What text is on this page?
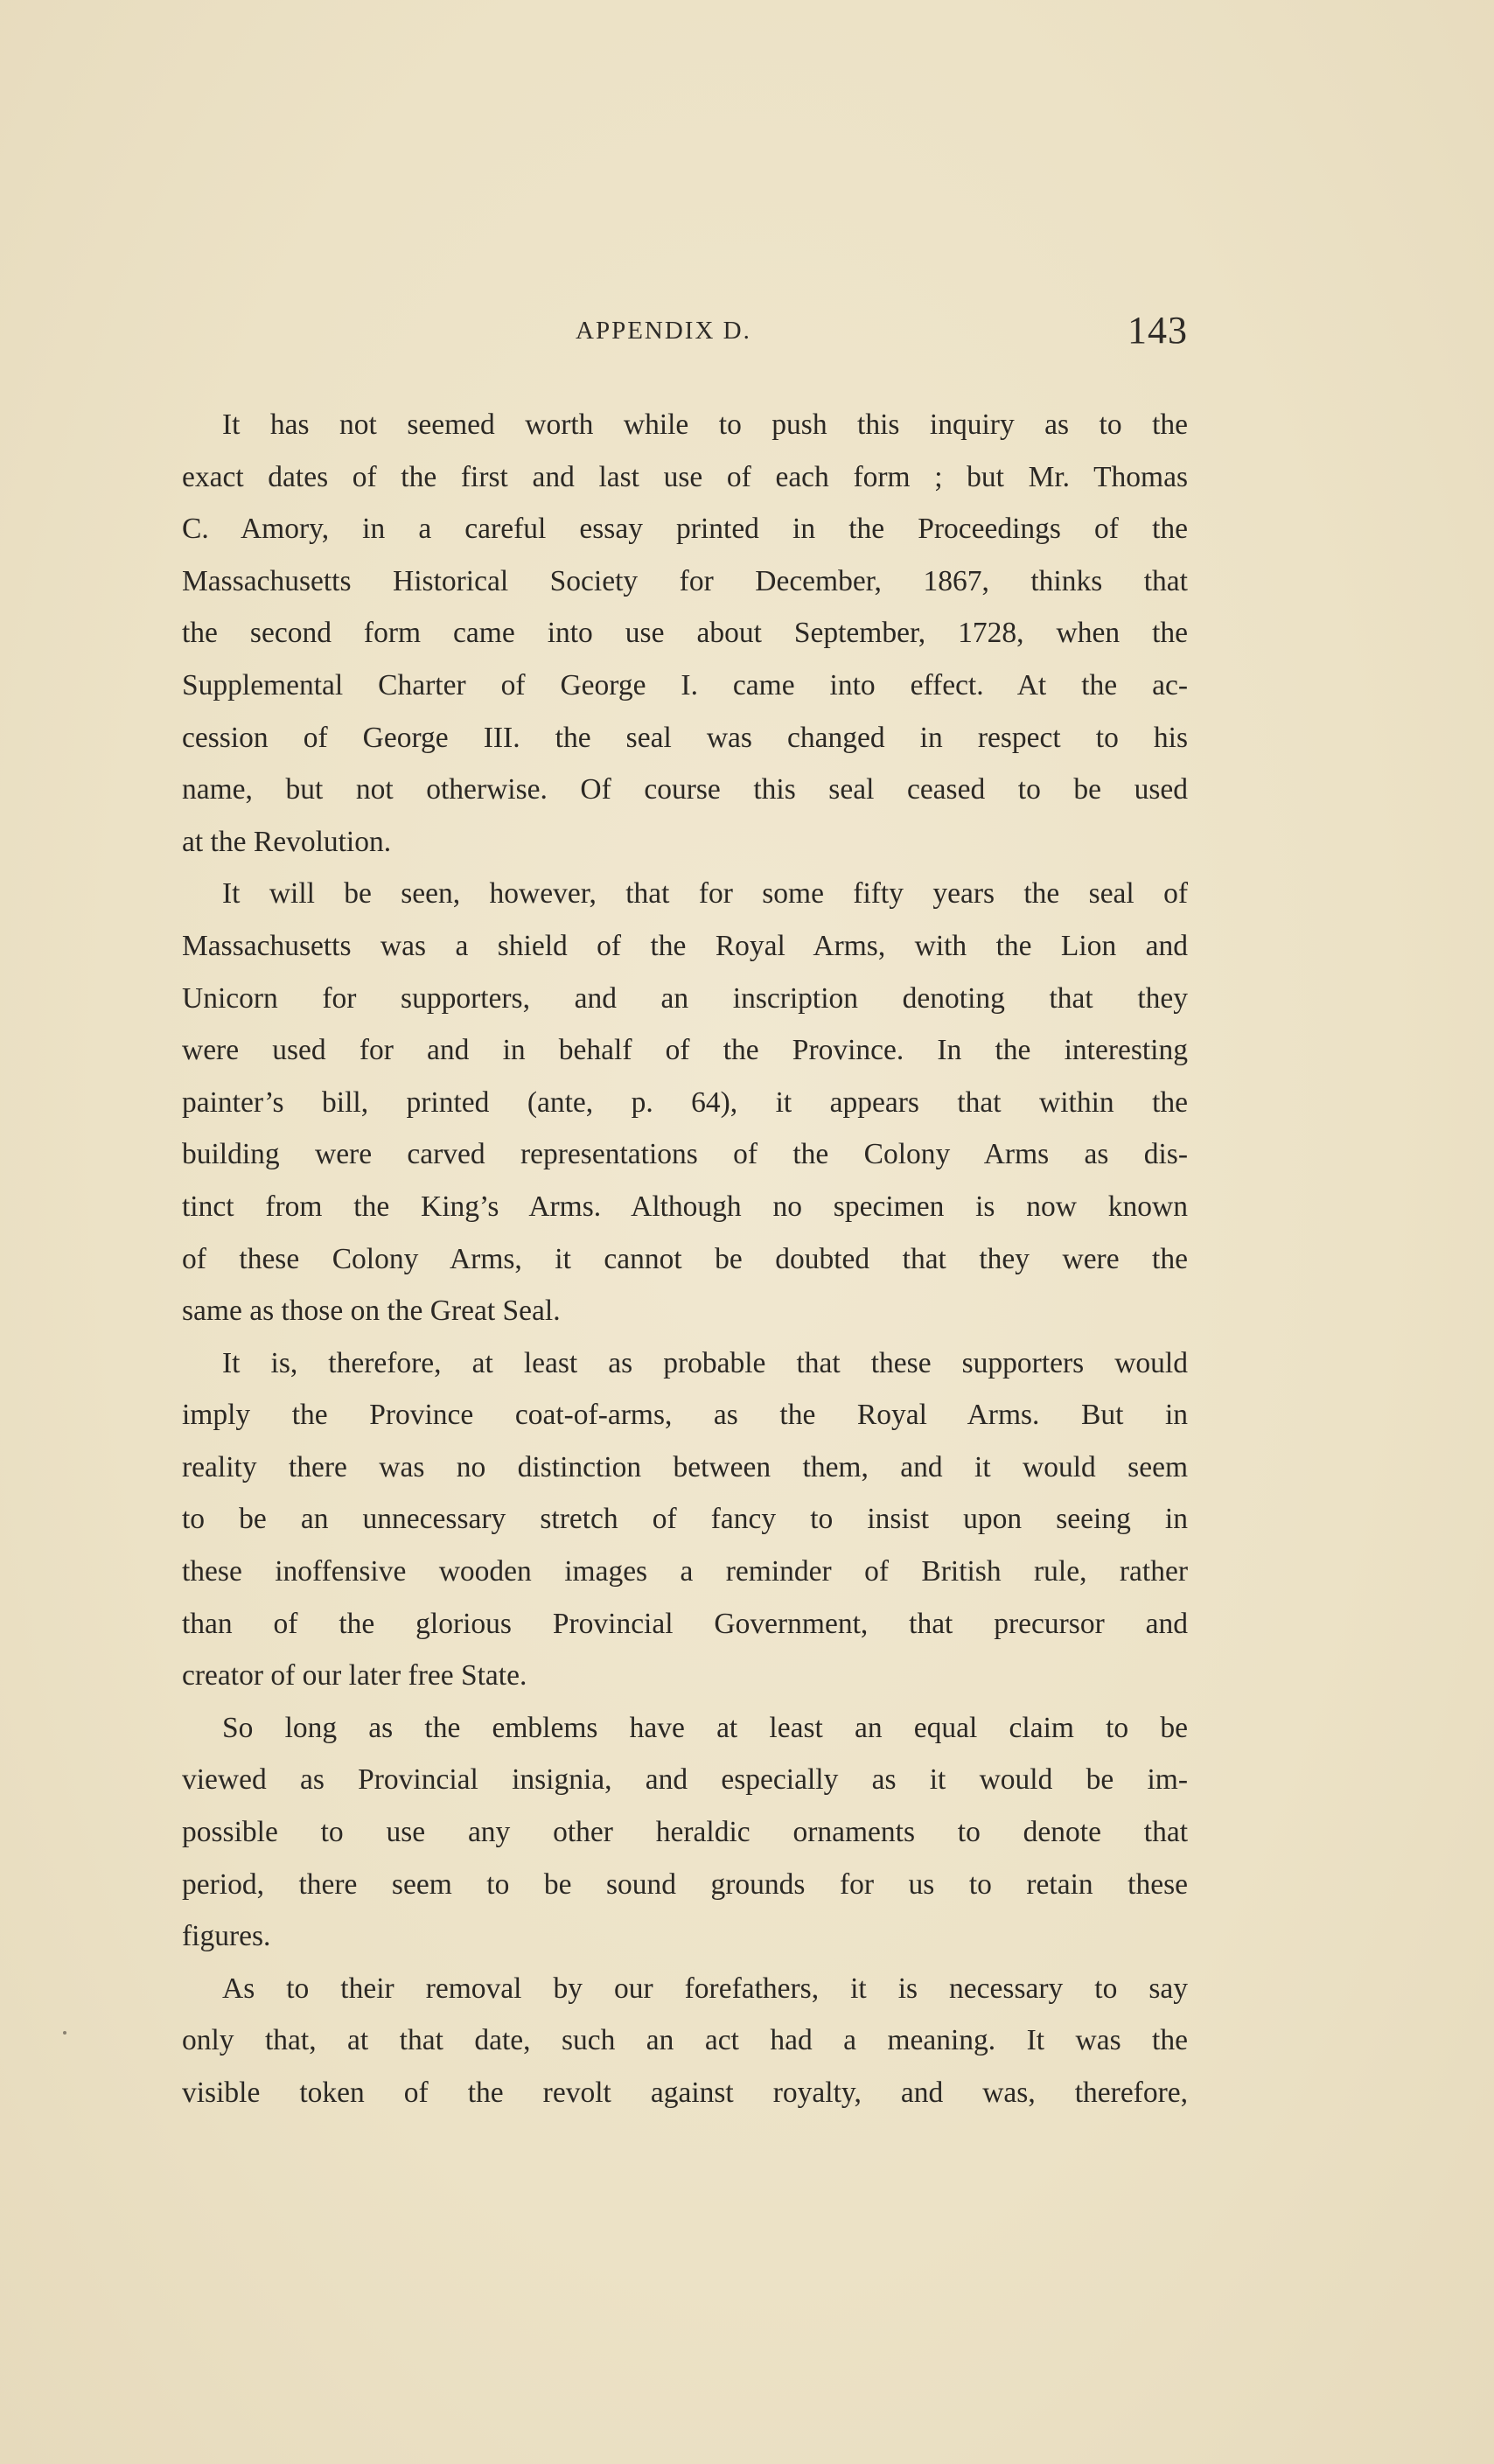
APPENDIX D.	143
It has not seemed worth while to push this inquiry as to the
exact dates of the first and last use of each form ; but Mr. Thomas
C. Amory, in a careful essay printed in the Proceedings of the
Massachusetts Historical Society for December, 1867, thinks that
the second form came into use about September, 1728, when the
Supplemental Charter of George I. came into effect. At the ac-
cession of George III. the seal was changed in respect to his
name, but not otherwise. Of course this seal ceased to be used
at the Revolution.
It will be seen, however, that for some fifty years the seal of
Massachusetts was a shield of the Royal Arms, with the Lion and
Unicorn for supporters, and an inscription denoting that they
were used for and in behalf of the Province. In the interesting
painter’s bill, printed (ante, p. 64), it appears that within the
building were carved representations of the Colony Arms as dis-
tinct from the King’s Arms. Although no specimen is now known
of these Colony Arms, it cannot be doubted that they were the
same as those on the Great Seal.
It is, therefore, at least as probable that these supporters would
imply the Province coat-of-arms, as the Royal Arms. But in
reality there was no distinction between them, and it would seem
to be an unnecessary stretch of fancy to insist upon seeing in
these inoffensive wooden images a reminder of British rule, rather
than of the glorious Provincial Government, that precursor and
creator of our later free State.
So long as the emblems have at least an equal claim to be
viewed as Provincial insignia, and especially as it would be im-
possible to use any other heraldic ornaments to denote that
period, there seem to be sound grounds for us to retain these
figures.
As to their removal by our forefathers, it is necessary to say
only that, at that date, such an act had a meaning. It was the
visible token of the revolt against royalty, and was, therefore,
